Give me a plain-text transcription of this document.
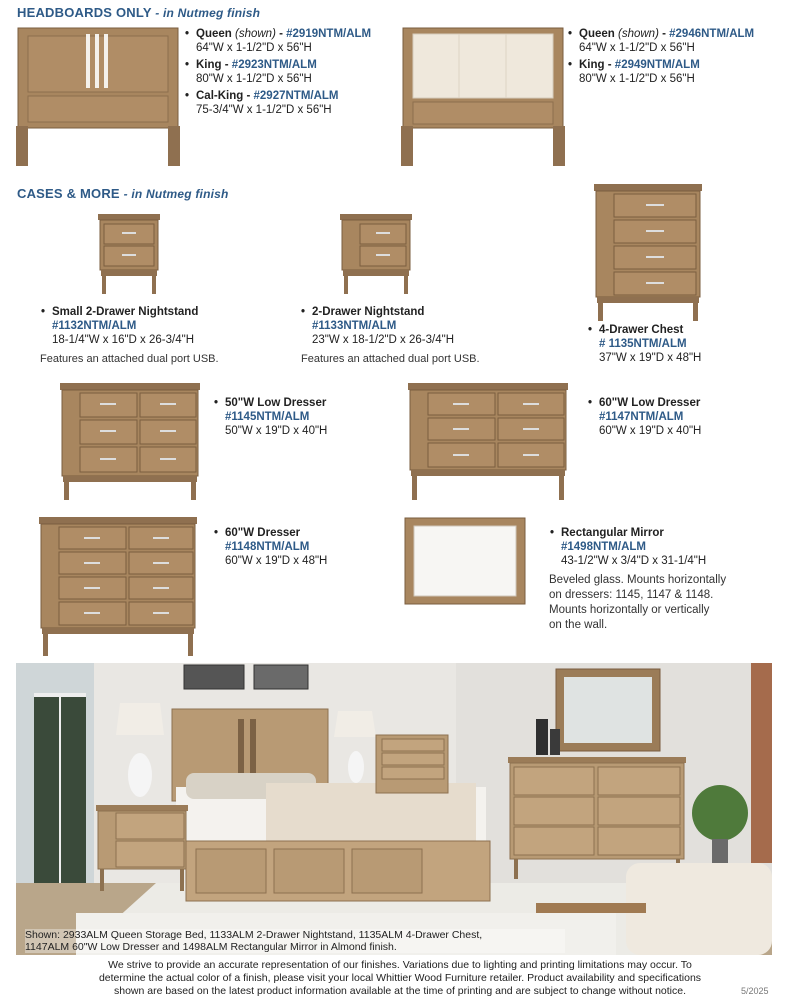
HEADBOARDS ONLY - in Nutmeg finish
• Queen (shown) - #2919NTM/ALM
64"W x 1-1/2"D x 56"H
• King - #2923NTM/ALM
80"W x 1-1/2"D x 56"H
• Cal-King - #2927NTM/ALM
75-3/4"W x 1-1/2"D x 56"H
• Queen (shown) - #2946NTM/ALM
64"W x 1-1/2"D x 56"H
• King - #2949NTM/ALM
80"W x 1-1/2"D x 56"H
CASES & MORE - in Nutmeg finish
• Small 2-Drawer Nightstand
#1132NTM/ALM
18-1/4"W x 16"D x 26-3/4"H
Features an attached dual port USB.
• 2-Drawer Nightstand
#1133NTM/ALM
23"W x 18-1/2"D x 26-3/4"H
Features an attached dual port USB.
• 4-Drawer Chest
# 1135NTM/ALM
37"W x 19"D x 48"H
• 50"W Low Dresser
#1145NTM/ALM
50"W x 19"D x 40"H
• 60"W Low Dresser
#1147NTM/ALM
60"W x 19"D x 40"H
• 60"W Dresser
#1148NTM/ALM
60"W x 19"D x 48"H
• Rectangular Mirror
#1498NTM/ALM
43-1/2"W x 3/4"D x 31-1/4"H
Beveled glass. Mounts horizontally
on dressers: 1145, 1147 & 1148.
Mounts horizontally or vertically
on the wall.
Shown: 2933ALM Queen Storage Bed, 1133ALM 2-Drawer Nightstand, 1135ALM 4-Drawer Chest,
1147ALM 60"W Low Dresser and 1498ALM Rectangular Mirror in Almond finish.
We strive to provide an accurate representation of our finishes. Variations due to lighting and printing limitations may occur. To
determine the actual color of a finish, please visit your local Whittier Wood Furniture retailer. Product availability and specifications
shown are based on the latest product information available at the time of printing and are subject to change without notice.	5/2025
